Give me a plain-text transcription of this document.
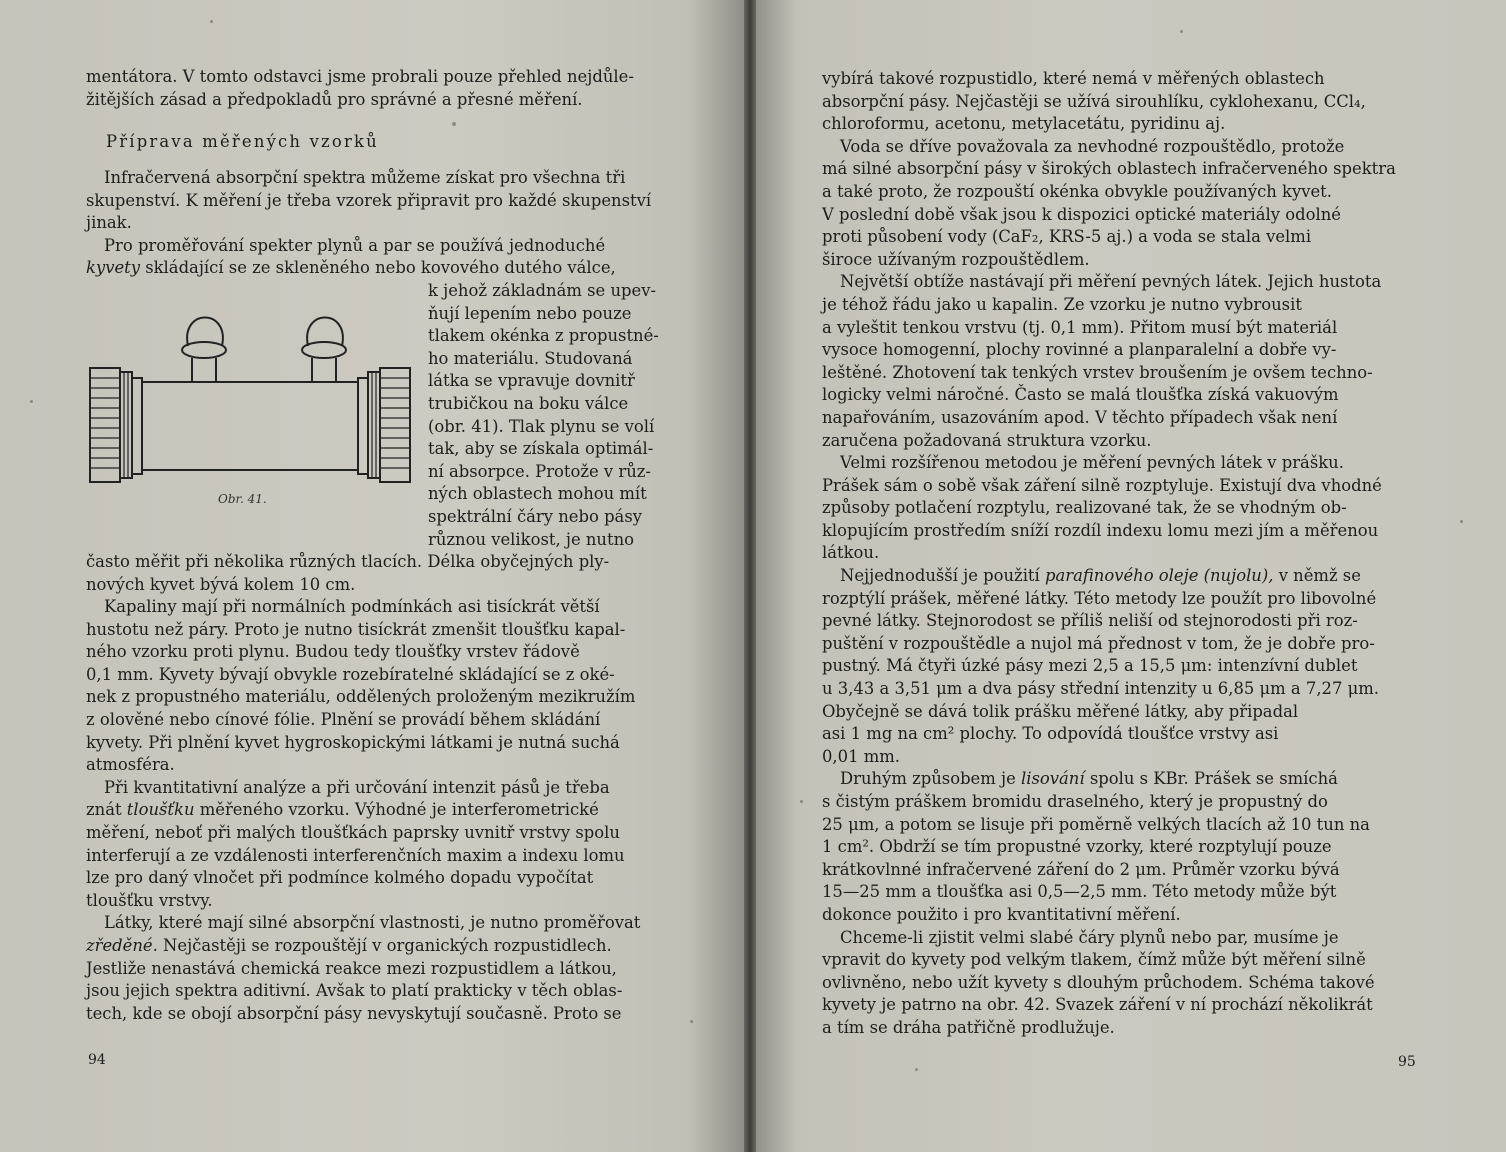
mentátora. V tomto odstavci jsme probrali pouze přehled nejdůle-

žitějších zásad a předpokladů pro správné a přesné měření.

Příprava měřených vzorků

Infračervená absorpční spektra můžeme získat pro všechna tři

skupenství. K měření je třeba vzorek připravit pro každé skupenství

jinak.

Pro proměřování spekter plynů a par se používá jednoduché

kyvety skládající se ze skleněného nebo kovového dutého válce,

k jehož základnám se upev-

ňují lepením nebo pouze

tlakem okénka z propustné-

ho materiálu. Studovaná

látka se vpravuje dovnitř

trubičkou na boku válce

(obr. 41). Tlak plynu se volí

tak, aby se získala optimál-

ní absorpce. Protože v růz-

ných oblastech mohou mít

spektrální čáry nebo pásy

různou velikost, je nutno

Obr. 41.

často měřit při několika různých tlacích. Délka obyčejných ply-

nových kyvet bývá kolem 10 cm.

Kapaliny mají při normálních podmínkách asi tisíckrát větší

hustotu než páry. Proto je nutno tisíckrát zmenšit tloušťku kapal-

ného vzorku proti plynu. Budou tedy tloušťky vrstev řádově

0,1 mm. Kyvety bývají obvykle rozebíratelné skládající se z oké-

nek z propustného materiálu, oddělených proloženým mezikružím

z olověné nebo cínové fólie. Plnění se provádí během skládání

kyvety. Při plnění kyvet hygroskopickými látkami je nutná suchá

atmosféra.

Při kvantitativní analýze a při určování intenzit pásů je třeba

znát tloušťku měřeného vzorku. Výhodné je interferometrické

měření, neboť při malých tloušťkách paprsky uvnitř vrstvy spolu

interferují a ze vzdálenosti interferenčních maxim a indexu lomu

lze pro daný vlnočet při podmínce kolmého dopadu vypočítat

tloušťku vrstvy.

Látky, které mají silné absorpční vlastnosti, je nutno proměřovat

zředěné. Nejčastěji se rozpouštějí v organických rozpustidlech.

Jestliže nenastává chemická reakce mezi rozpustidlem a látkou,

jsou jejich spektra aditivní. Avšak to platí prakticky v těch oblas-

tech, kde se obojí absorpční pásy nevyskytují současně. Proto se

94

vybírá takové rozpustidlo, které nemá v měřených oblastech

absorpční pásy. Nejčastěji se užívá sirouhlíku, cyklohexanu, CCl₄,

chloroformu, acetonu, metylacetátu, pyridinu aj.

Voda se dříve považovala za nevhodné rozpouštědlo, protože

má silné absorpční pásy v širokých oblastech infračerveného spektra

a také proto, že rozpouští okénka obvykle používaných kyvet.

V poslední době však jsou k dispozici optické materiály odolné

proti působení vody (CaF₂, KRS-5 aj.) a voda se stala velmi

široce užívaným rozpouštědlem.

Největší obtíže nastávají při měření pevných látek. Jejich hustota

je téhož řádu jako u kapalin. Ze vzorku je nutno vybrousit

a vyleštit tenkou vrstvu (tj. 0,1 mm). Přitom musí být materiál

vysoce homogenní, plochy rovinné a planparalelní a dobře vy-

leštěné. Zhotovení tak tenkých vrstev broušením je ovšem techno-

logicky velmi náročné. Často se malá tloušťka získá vakuovým

napařováním, usazováním apod. V těchto případech však není

zaručena požadovaná struktura vzorku.

Velmi rozšířenou metodou je měření pevných látek v prášku.

Prášek sám o sobě však záření silně rozptyluje. Existují dva vhodné

způsoby potlačení rozptylu, realizované tak, že se vhodným ob-

klopujícím prostředím sníží rozdíl indexu lomu mezi jím a měřenou

látkou.

Nejjednodušší je použití parafinového oleje (nujolu), v němž se

rozptýlí prášek, měřené látky. Této metody lze použít pro libovolné

pevné látky. Stejnorodost se příliš neliší od stejnorodosti při roz-

puštění v rozpouštědle a nujol má přednost v tom, že je dobře pro-

pustný. Má čtyři úzké pásy mezi 2,5 a 15,5 μm: intenzívní dublet

u 3,43 a 3,51 μm a dva pásy střední intenzity u 6,85 μm a 7,27 μm.

Obyčejně se dává tolik prášku měřené látky, aby připadal

asi 1 mg na cm² plochy. To odpovídá tloušťce vrstvy asi

0,01 mm.

Druhým způsobem je lisování spolu s KBr. Prášek se smíchá

s čistým práškem bromidu draselného, který je propustný do

25 μm, a potom se lisuje při poměrně velkých tlacích až 10 tun na

1 cm². Obdrží se tím propustné vzorky, které rozptylují pouze

krátkovlnné infračervené záření do 2 μm. Průměr vzorku bývá

15—25 mm a tloušťka asi 0,5—2,5 mm. Této metody může být

dokonce použito i pro kvantitativní měření.

Chceme-li zjistit velmi slabé čáry plynů nebo par, musíme je

vpravit do kyvety pod velkým tlakem, čímž může být měření silně

ovlivněno, nebo užít kyvety s dlouhým průchodem. Schéma takové

kyvety je patrno na obr. 42. Svazek záření v ní prochází několikrát

a tím se dráha patřičně prodlužuje.

95
